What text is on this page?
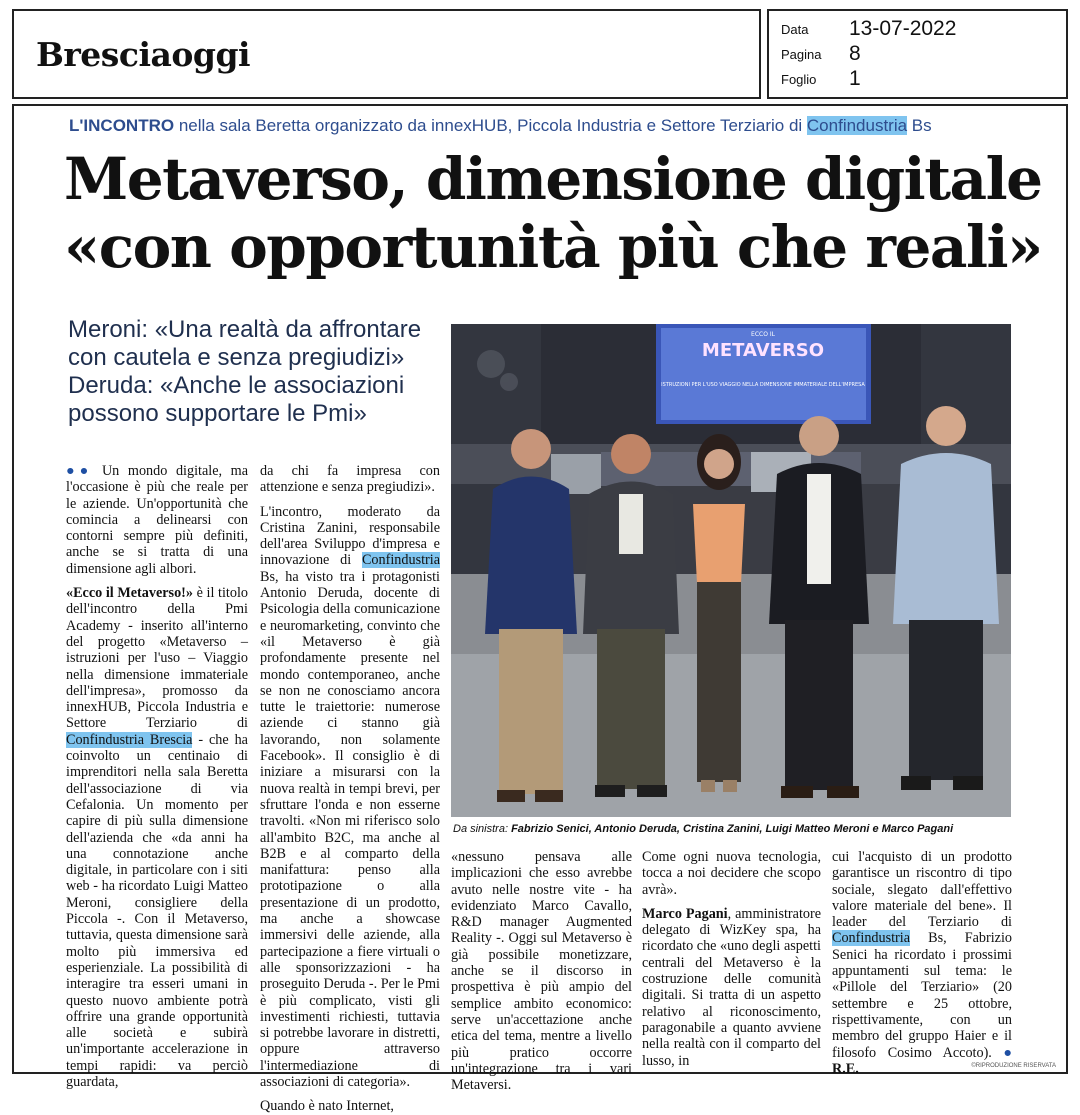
Bresciaoggi
Data 13-07-2022
Pagina 8
Foglio 1
L'INCONTRO nella sala Beretta organizzato da innexHUB, Piccola Industria e Settore Terziario di Confindustria Bs
Metaverso, dimensione digitale
«con opportunità più che reali»
Meroni: «Una realtà da affrontare con cautela e senza pregiudizi» Deruda: «Anche le associazioni possono supportare le Pmi»
ECCO IL
METAVERSO
ISTRUZIONI PER L'USO VIAGGIO NELLA DIMENSIONE IMMATERIALE DELL'IMPRESA
Da sinistra: Fabrizio Senici, Antonio Deruda, Cristina Zanini, Luigi Matteo Meroni e Marco Pagani

●● Un mondo digitale, ma l'occasione è più che reale per le aziende. Un'opportunità che comincia a delinearsi con contorni sempre più definiti, anche se si tratta di una dimensione agli albori.

«Ecco il Metaverso!» è il titolo dell'incontro della Pmi Academy - inserito all'interno del progetto «Metaverso – istruzioni per l'uso – Viaggio nella dimensione immateriale dell'impresa», promosso da innexHUB, Piccola Industria e Settore Terziario di Confindustria Brescia - che ha coinvolto un centinaio di imprenditori nella sala Beretta dell'associazione di via Cefalonia. Un momento per capire di più sulla dimensione dell'azienda che «da anni ha una connotazione anche digitale, in particolare con i siti web - ha ricordato Luigi Matteo Meroni, consigliere della Piccola -. Con il Metaverso, tuttavia, questa dimensione sarà molto più immersiva ed esperienziale. La possibilità di interagire tra esseri umani in questo nuovo ambiente potrà offrire una grande opportunità alle società e subirà un'importante accelerazione in tempi rapidi: va perciò guardata,

da chi fa impresa con attenzione e senza pregiudizi».

L'incontro, moderato da Cristina Zanini, responsabile dell'area Sviluppo d'impresa e innovazione di Confindustria Bs, ha visto tra i protagonisti Antonio Deruda, docente di Psicologia della comunicazione e neuromarketing, convinto che «il Metaverso è già profondamente presente nel mondo contemporaneo, anche se non ne conosciamo ancora tutte le traiettorie: numerose aziende ci stanno già lavorando, non solamente Facebook». Il consiglio è di iniziare a misurarsi con la nuova realtà in tempi brevi, per sfruttare l'onda e non esserne travolti. «Non mi riferisco solo all'ambito B2C, ma anche al B2B e al comparto della manifattura: penso alla prototipazione o alla presentazione di un prodotto, ma anche a showcase immersivi delle aziende, alla partecipazione a fiere virtuali o alle sponsorizzazioni - ha proseguito Deruda -. Per le Pmi è più complicato, visti gli investimenti richiesti, tuttavia si potrebbe lavorare in distretti, oppure attraverso l'intermediazione di associazioni di categoria».

Quando è nato Internet,

«nessuno pensava alle implicazioni che esso avrebbe avuto nelle nostre vite - ha evidenziato Marco Cavallo, R&D manager Augmented Reality -. Oggi sul Metaverso è già possibile monetizzare, anche se il discorso in prospettiva è più ampio del semplice ambito economico: serve un'accettazione anche etica del tema, mentre a livello più pratico occorre un'integrazione tra i vari Metaversi.

Come ogni nuova tecnologia, tocca a noi decidere che scopo avrà».

Marco Pagani, amministratore delegato di WizKey spa, ha ricordato che «uno degli aspetti centrali del Metaverso è la costruzione delle comunità digitali. Si tratta di un aspetto relativo al riconoscimento, paragonabile a quanto avviene nella realtà con il comparto del lusso, in

cui l'acquisto di un prodotto garantisce un riscontro di tipo sociale, slegato dall'effettivo valore materiale del bene». Il leader del Terziario di Confindustria Bs, Fabrizio Senici ha ricordato i prossimi appuntamenti sul tema: le «Pillole del Terziario» (20 settembre e 25 ottobre, rispettivamente, con un membro del gruppo Haier e il filosofo Cosimo Accoto). ● R.E.	©RIPRODUZIONE RISERVATA
